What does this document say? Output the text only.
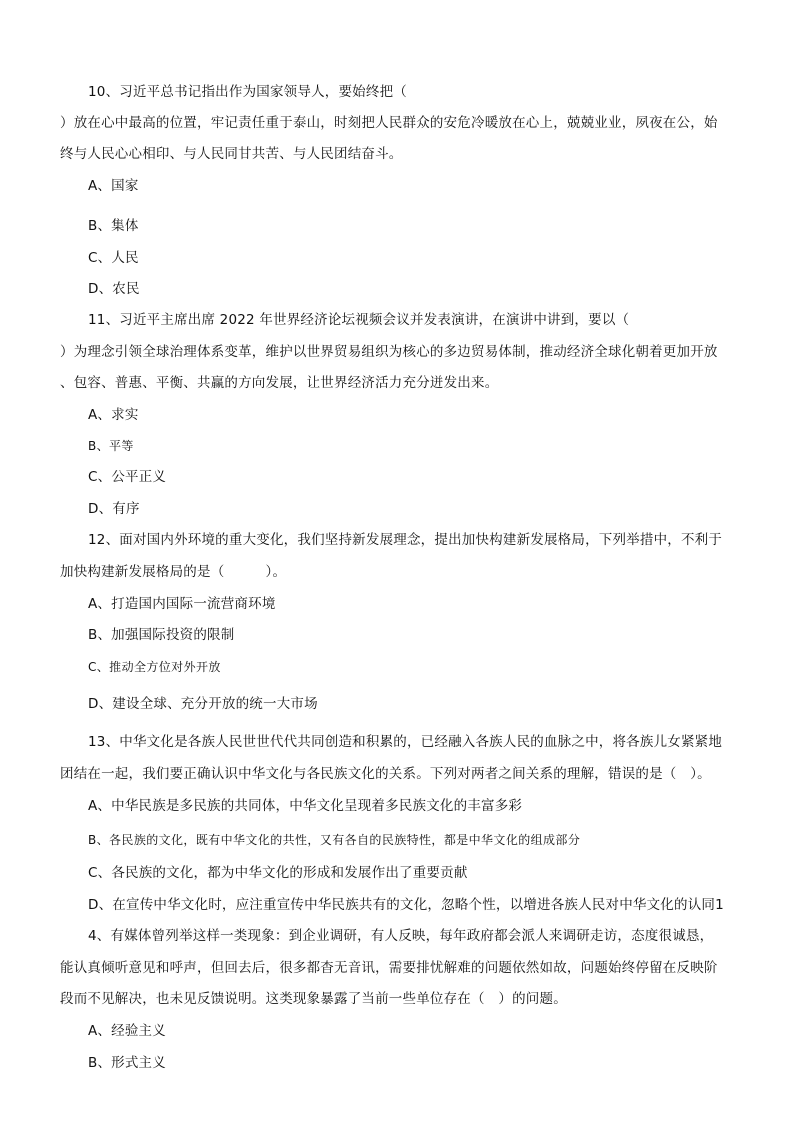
10、习近平总书记指出作为国家领导人，要始终把（
）放在心中最高的位置，牢记责任重于泰山，时刻把人民群众的安危冷暖放在心上，兢兢业业，夙夜在公，始
终与人民心心相印、与人民同甘共苦、与人民团结奋斗。
A、国家
B、集体
C、人民
D、农民
11、习近平主席出席 2022 年世界经济论坛视频会议并发表演讲，在演讲中讲到，要以（
）为理念引领全球治理体系变革，维护以世界贸易组织为核心的多边贸易体制，推动经济全球化朝着更加开放
、包容、普惠、平衡、共赢的方向发展，让世界经济活力充分迸发出来。
A、求实
B、平等
C、公平正义
D、有序
12、面对国内外环境的重大变化，我们坚持新发展理念，提出加快构建新发展格局，下列举措中，不利于
加快构建新发展格局的是（　　　）。
A、打造国内国际一流营商环境
B、加强国际投资的限制
C、推动全方位对外开放
D、建设全球、充分开放的统一大市场
13、中华文化是各族人民世世代代共同创造和积累的，已经融入各族人民的血脉之中，将各族儿女紧紧地
团结在一起，我们要正确认识中华文化与各民族文化的关系。下列对两者之间关系的理解，错误的是（　）。
A、中华民族是多民族的共同体，中华文化呈现着多民族文化的丰富多彩
B、各民族的文化，既有中华文化的共性，又有各自的民族特性，都是中华文化的组成部分
C、各民族的文化，都为中华文化的形成和发展作出了重要贡献
D、在宣传中华文化时，应注重宣传中华民族共有的文化，忽略个性，以增进各族人民对中华文化的认同1
4、有媒体曾列举这样一类现象：到企业调研，有人反映，每年政府都会派人来调研走访，态度很诚恳，
能认真倾听意见和呼声，但回去后，很多都杳无音讯，需要排忧解难的问题依然如故，问题始终停留在反映阶
段而不见解决，也未见反馈说明。这类现象暴露了当前一些单位存在（　）的问题。
A、经验主义
B、形式主义
